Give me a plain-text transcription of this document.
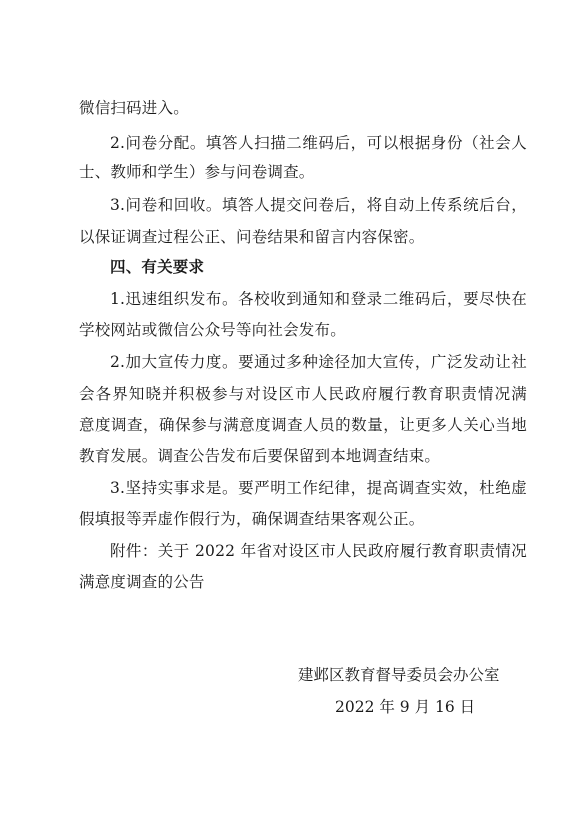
微信扫码进入。
2.问卷分配。填答人扫描二维码后，可以根据身份（社会人
士、教师和学生）参与问卷调查。
3.问卷和回收。填答人提交问卷后，将自动上传系统后台，
以保证调查过程公正、问卷结果和留言内容保密。
四、有关要求
1.迅速组织发布。各校收到通知和登录二维码后，要尽快在
学校网站或微信公众号等向社会发布。
2.加大宣传力度。要通过多种途径加大宣传，广泛发动让社
会各界知晓并积极参与对设区市人民政府履行教育职责情况满
意度调查，确保参与满意度调查人员的数量，让更多人关心当地
教育发展。调查公告发布后要保留到本地调查结束。
3.坚持实事求是。要严明工作纪律，提高调查实效，杜绝虚
假填报等弄虚作假行为，确保调查结果客观公正。
附件：关于 2022 年省对设区市人民政府履行教育职责情况
满意度调查的公告
建邺区教育督导委员会办公室
2022 年 9 月 16 日
